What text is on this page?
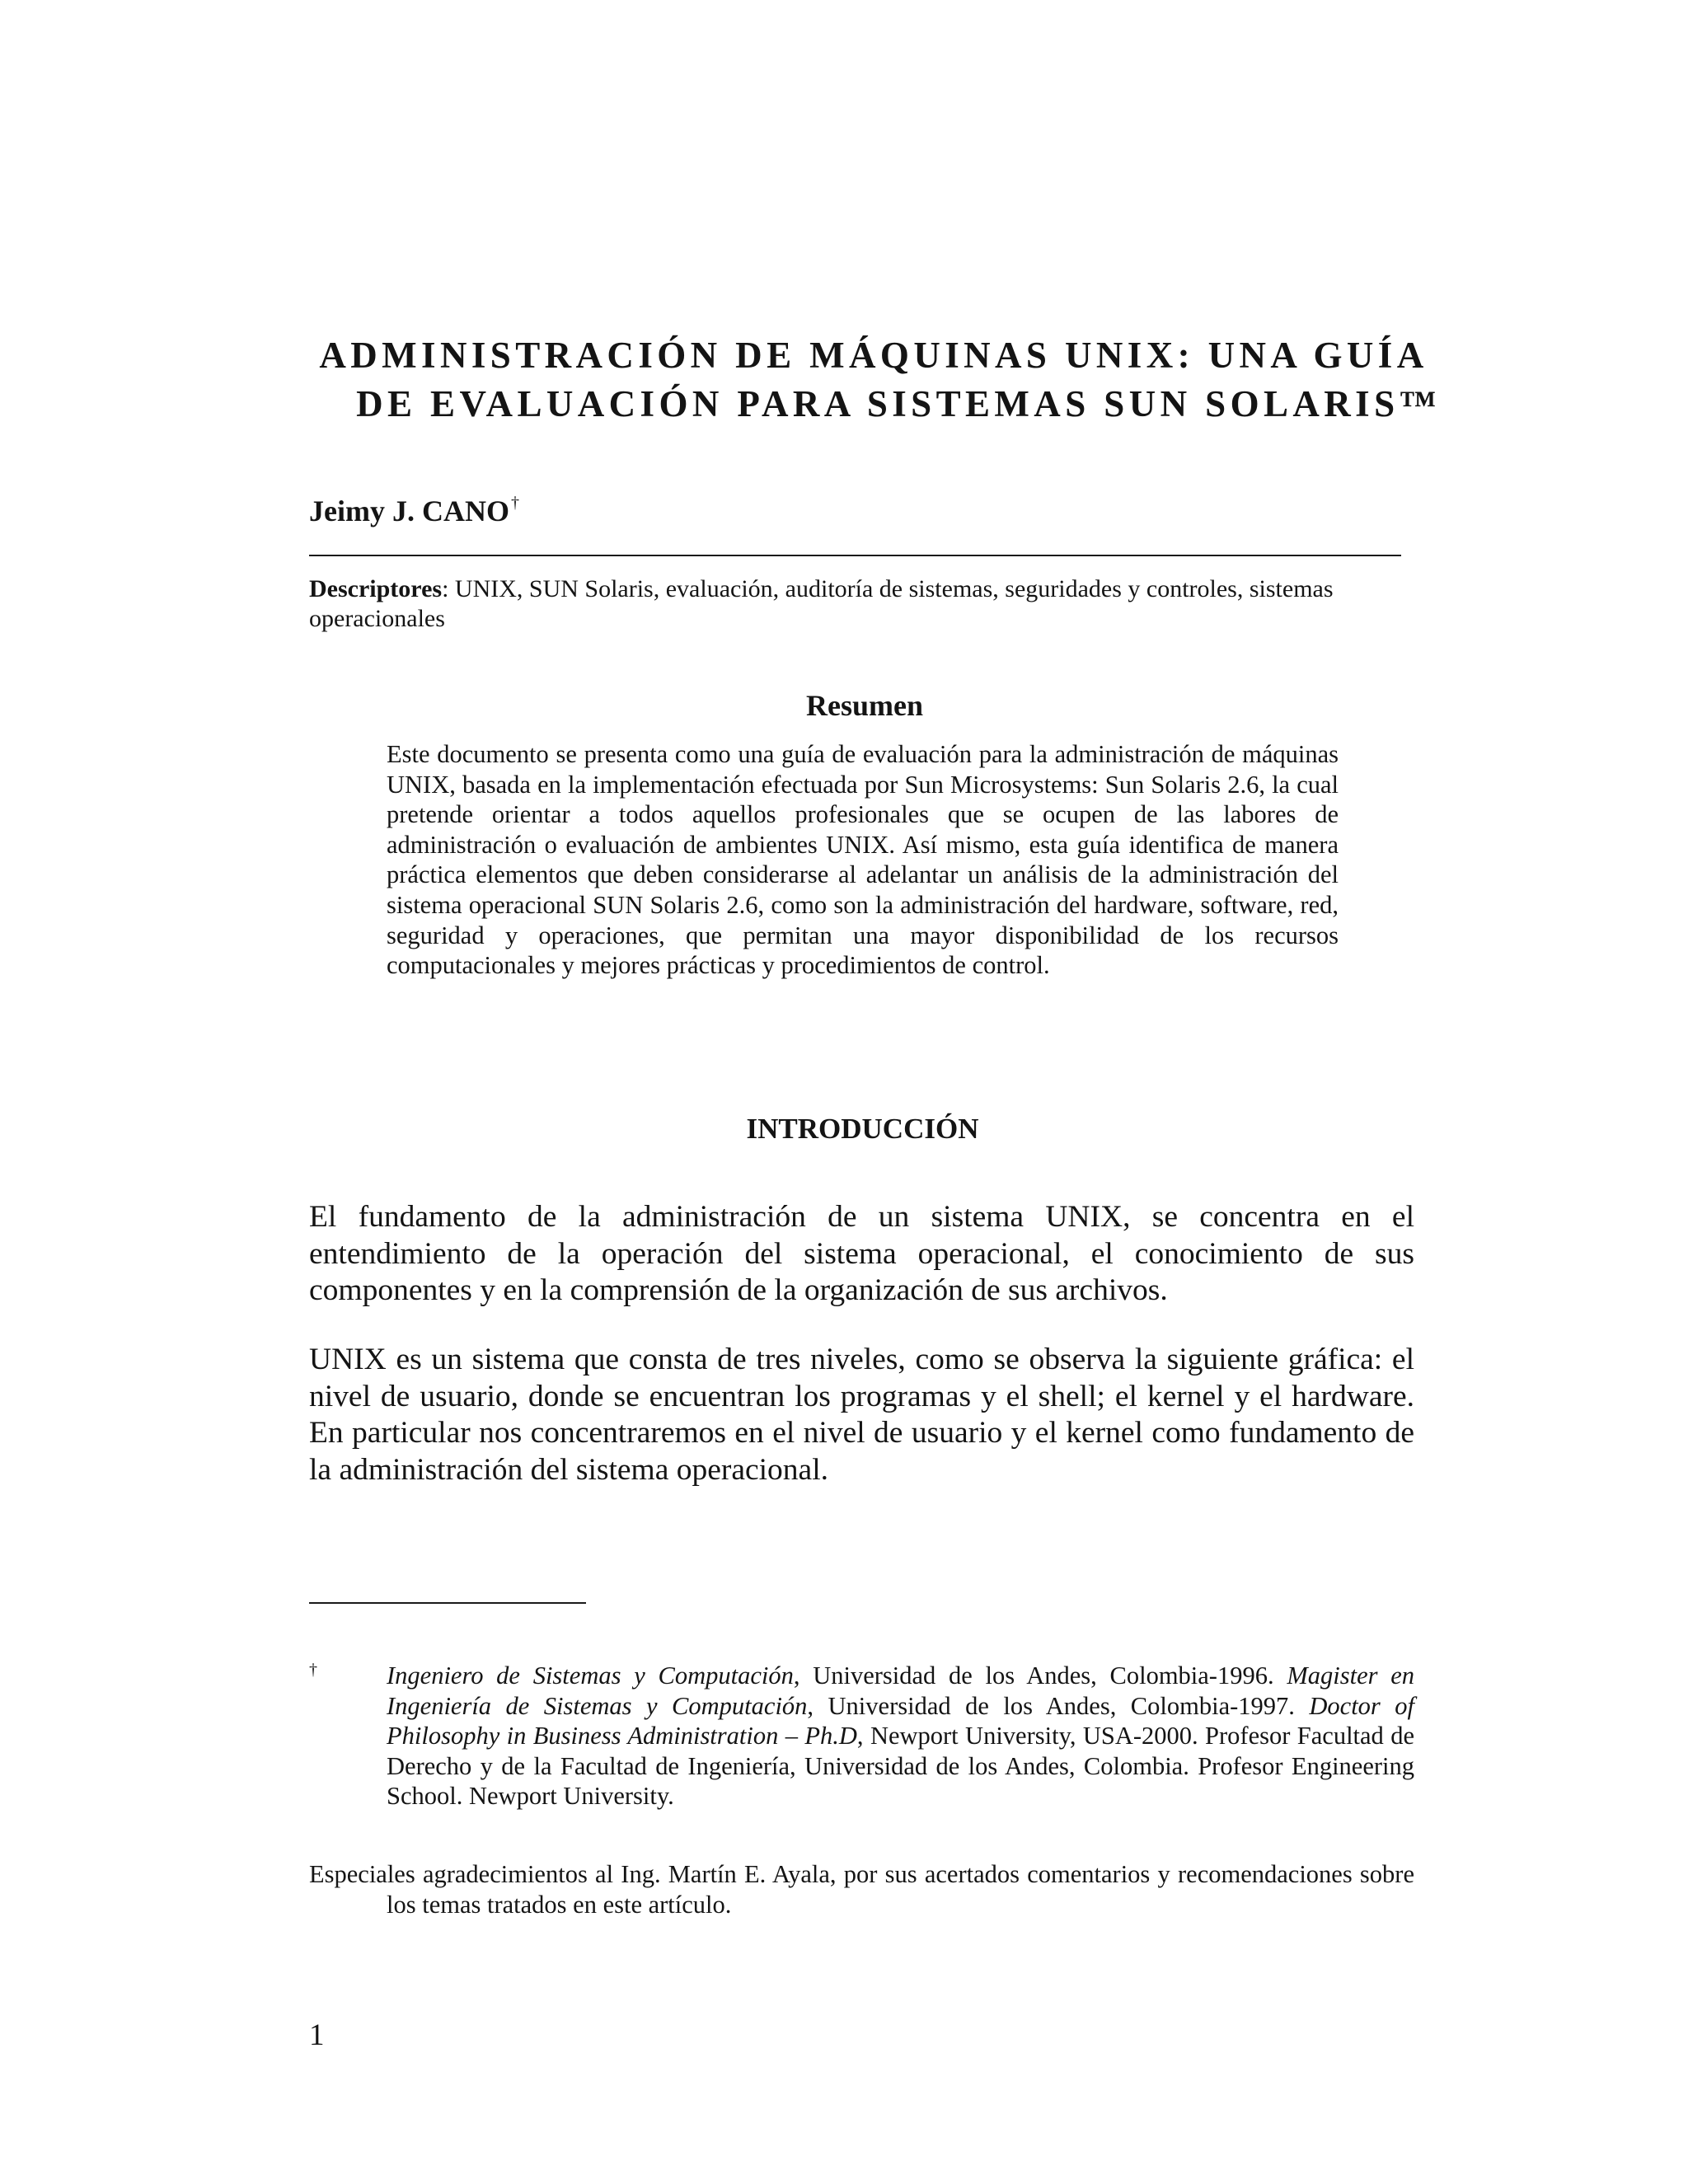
ADMINISTRACIÓN DE MÁQUINAS UNIX: UNA GUÍA
DE EVALUACIÓN PARA SISTEMAS SUN SOLARIS™
Jeimy J. CANO †
Descriptores: UNIX, SUN Solaris, evaluación, auditoría de sistemas, seguridades y controles, sistemas operacionales
Resumen
Este documento se presenta como una guía de evaluación para la administración de máquinas UNIX, basada en la implementación efectuada por Sun Microsystems: Sun Solaris 2.6, la cual pretende orientar a todos aquellos profesionales que se ocupen de las labores de administración o evaluación de ambientes UNIX. Así mismo, esta guía identifica de manera práctica elementos que deben considerarse al adelantar un análisis de la administración del sistema operacional SUN Solaris 2.6, como son la administración del hardware, software, red, seguridad y operaciones, que permitan una mayor disponibilidad de los recursos computacionales y mejores prácticas y procedimientos de control.
INTRODUCCIÓN
El fundamento de la administración de un sistema UNIX, se concentra en el entendimiento de la operación del sistema operacional, el conocimiento de sus componentes y en la comprensión de la organización de sus archivos.
UNIX es un sistema que consta de tres niveles, como se observa la siguiente gráfica: el nivel de usuario, donde se encuentran los programas y el shell; el kernel y el hardware. En particular nos concentraremos en el nivel de usuario y el kernel como fundamento de la administración del sistema operacional.
†	Ingeniero de Sistemas y Computación, Universidad de los Andes, Colombia-1996. Magister en Ingeniería de Sistemas y Computación, Universidad de los Andes, Colombia-1997. Doctor of Philosophy in Business Administration – Ph.D, Newport University, USA-2000. Profesor Facultad de Derecho y de la Facultad de Ingeniería, Universidad de los Andes, Colombia. Profesor Engineering School. Newport University.
Especiales agradecimientos al Ing. Martín E. Ayala, por sus acertados comentarios y recomendaciones sobre los temas tratados en este artículo.
1
